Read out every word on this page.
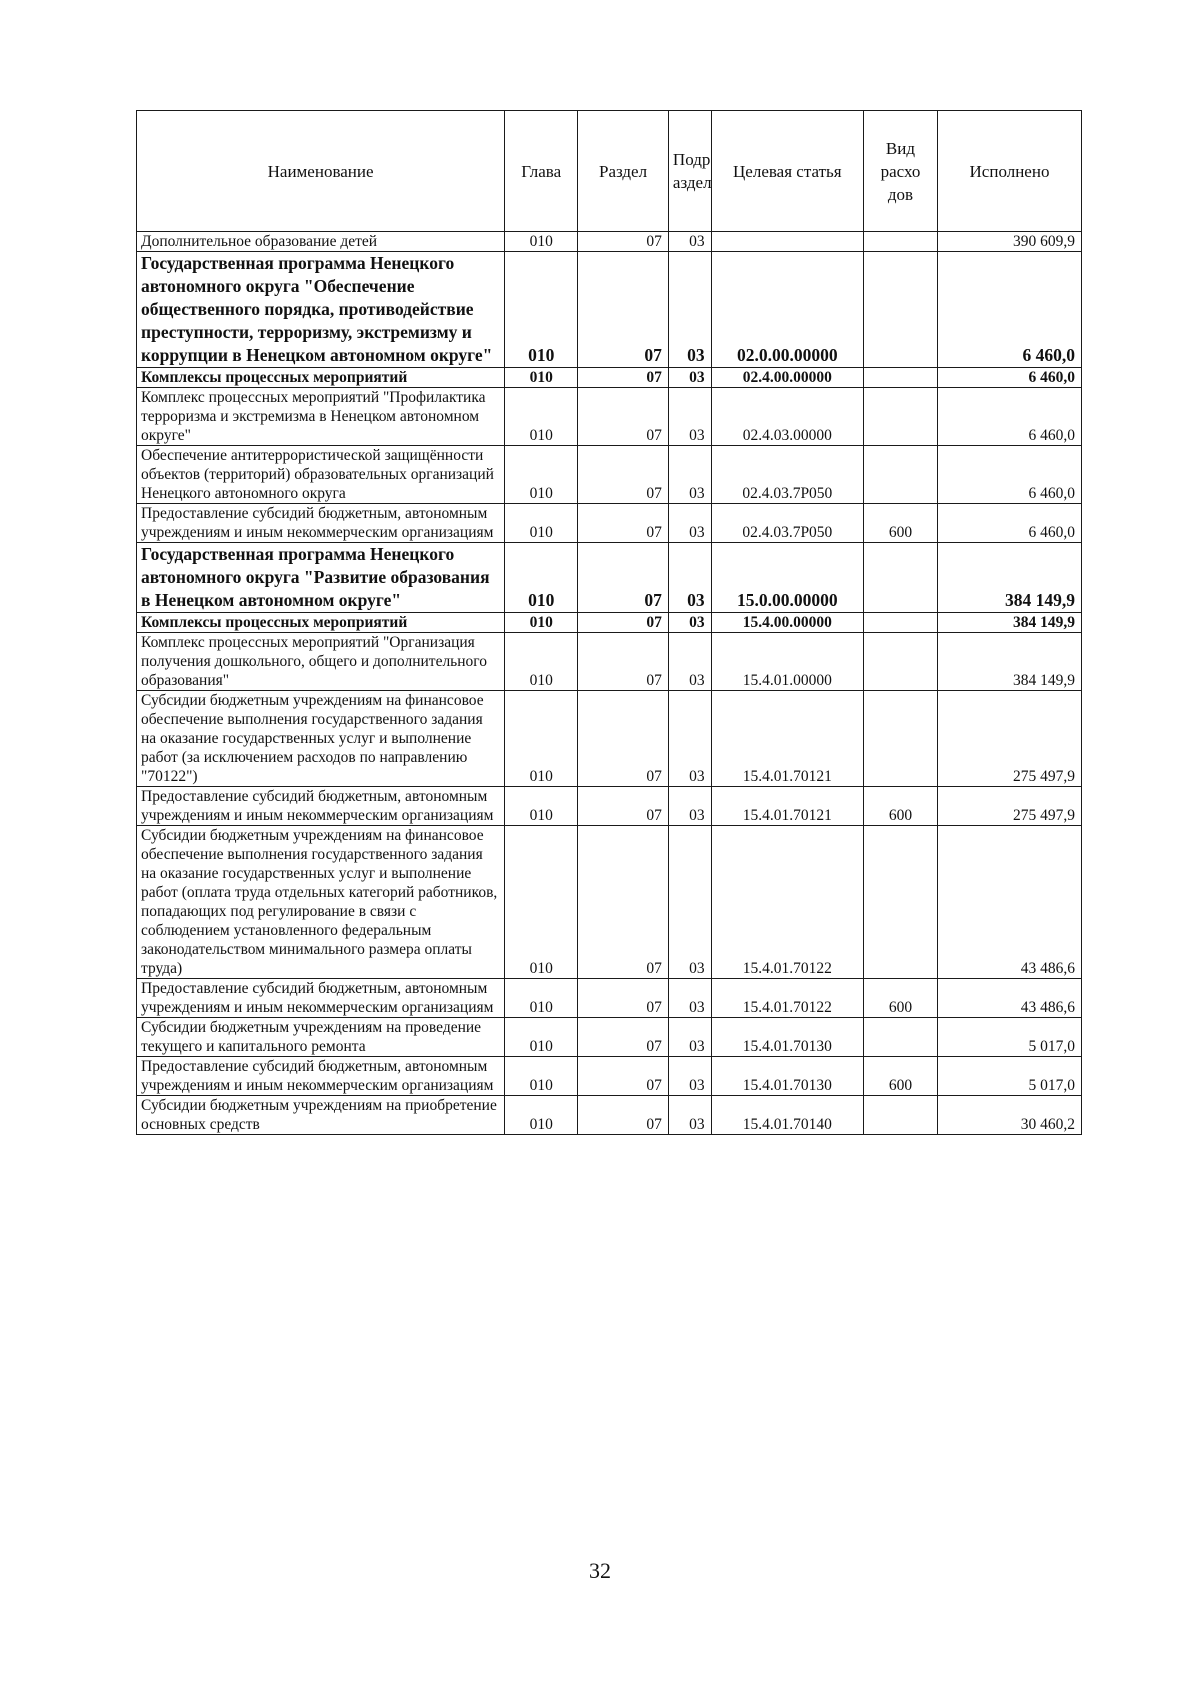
Наименование	Глава	Раздел	Подр аздел	Целевая статья	Вид расхо дов	Исполнено
Дополнительное образование детей	010	07	03			390 609,9
Государственная программа Ненецкого автономного округа "Обеспечение общественного порядка, противодействие преступности, терроризму, экстремизму и коррупции в Ненецком автономном округе"	010	07	03	02.0.00.00000		6 460,0
Комплексы процессных мероприятий	010	07	03	02.4.00.00000		6 460,0
Комплекс процессных мероприятий "Профилактика терроризма и экстремизма в Ненецком автономном округе"	010	07	03	02.4.03.00000		6 460,0
Обеспечение антитеррористической защищённости объектов (территорий) образовательных организаций Ненецкого автономного округа	010	07	03	02.4.03.7Р050		6 460,0
Предоставление субсидий бюджетным, автономным учреждениям и иным некоммерческим организациям	010	07	03	02.4.03.7Р050	600	6 460,0
Государственная программа Ненецкого автономного округа "Развитие образования в Ненецком автономном округе"	010	07	03	15.0.00.00000		384 149,9
Комплексы процессных мероприятий	010	07	03	15.4.00.00000		384 149,9
Комплекс процессных мероприятий "Организация получения дошкольного, общего и дополнительного образования"	010	07	03	15.4.01.00000		384 149,9
Субсидии бюджетным учреждениям на финансовое обеспечение выполнения государственного задания на оказание государственных услуг и выполнение работ (за исключением расходов по направлению "70122")	010	07	03	15.4.01.70121		275 497,9
Предоставление субсидий бюджетным, автономным учреждениям и иным некоммерческим организациям	010	07	03	15.4.01.70121	600	275 497,9
Субсидии бюджетным учреждениям на финансовое обеспечение выполнения государственного задания на оказание государственных услуг и выполнение работ (оплата труда отдельных категорий работников, попадающих под регулирование в связи с соблюдением установленного федеральным законодательством минимального размера оплаты труда)	010	07	03	15.4.01.70122		43 486,6
Предоставление субсидий бюджетным, автономным учреждениям и иным некоммерческим организациям	010	07	03	15.4.01.70122	600	43 486,6
Субсидии бюджетным учреждениям на проведение текущего и капитального ремонта	010	07	03	15.4.01.70130		5 017,0
Предоставление субсидий бюджетным, автономным учреждениям и иным некоммерческим организациям	010	07	03	15.4.01.70130	600	5 017,0
Субсидии бюджетным учреждениям на приобретение основных средств	010	07	03	15.4.01.70140		30 460,2
32
